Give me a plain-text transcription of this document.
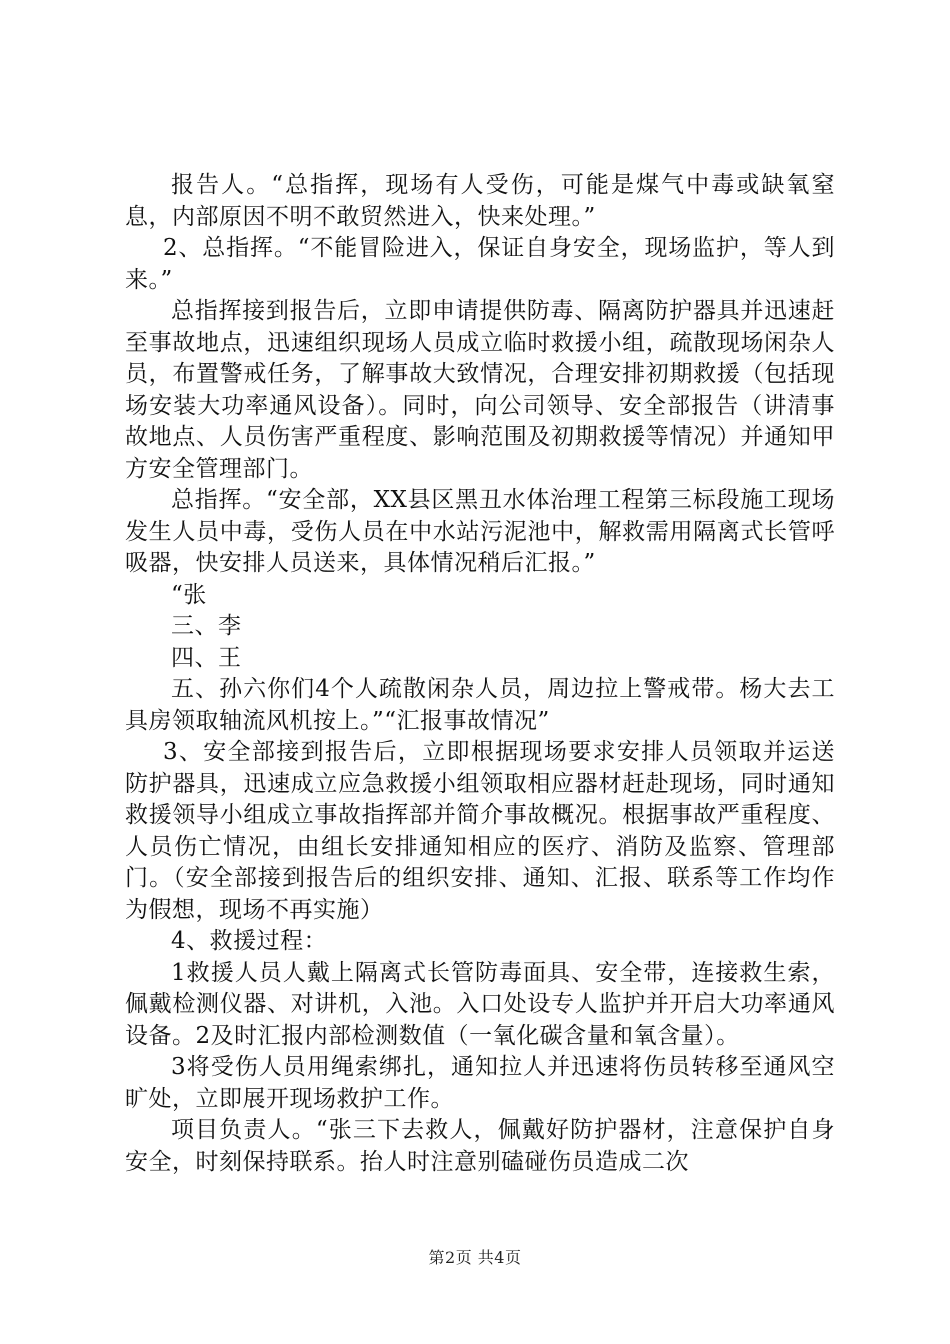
报告人。“总指挥，现场有人受伤，可能是煤气中毒或缺氧窒息，内部原因不明不敢贸然进入，快来处理。”

2、总指挥。“不能冒险进入，保证自身安全，现场监护，等人到来。”

总指挥接到报告后，立即申请提供防毒、隔离防护器具并迅速赶至事故地点，迅速组织现场人员成立临时救援小组，疏散现场闲杂人员，布置警戒任务，了解事故大致情况，合理安排初期救援（包括现场安装大功率通风设备）。同时，向公司领导、安全部报告（讲清事故地点、人员伤害严重程度、影响范围及初期救援等情况）并通知甲方安全管理部门。

总指挥。“安全部，XX县区黑丑水体治理工程第三标段施工现场发生人员中毒，受伤人员在中水站污泥池中，解救需用隔离式长管呼吸器，快安排人员送来，具体情况稍后汇报。”

“张

三、李

四、王

五、孙六你们4个人疏散闲杂人员，周边拉上警戒带。杨大去工具房领取轴流风机按上。”“汇报事故情况”

3、安全部接到报告后，立即根据现场要求安排人员领取并运送防护器具，迅速成立应急救援小组领取相应器材赶赴现场，同时通知救援领导小组成立事故指挥部并简介事故概况。根据事故严重程度、人员伤亡情况，由组长安排通知相应的医疗、消防及监察、管理部门。（安全部接到报告后的组织安排、通知、汇报、联系等工作均作为假想，现场不再实施）

4、救援过程：

1救援人员人戴上隔离式长管防毒面具、安全带，连接救生索，佩戴检测仪器、对讲机，入池。入口处设专人监护并开启大功率通风设备。2及时汇报内部检测数值（一氧化碳含量和氧含量）。

3将受伤人员用绳索绑扎，通知拉人并迅速将伤员转移至通风空旷处，立即展开现场救护工作。

项目负责人。“张三下去救人，佩戴好防护器材，注意保护自身安全，时刻保持联系。抬人时注意别磕碰伤员造成二次

第2页 共4页
